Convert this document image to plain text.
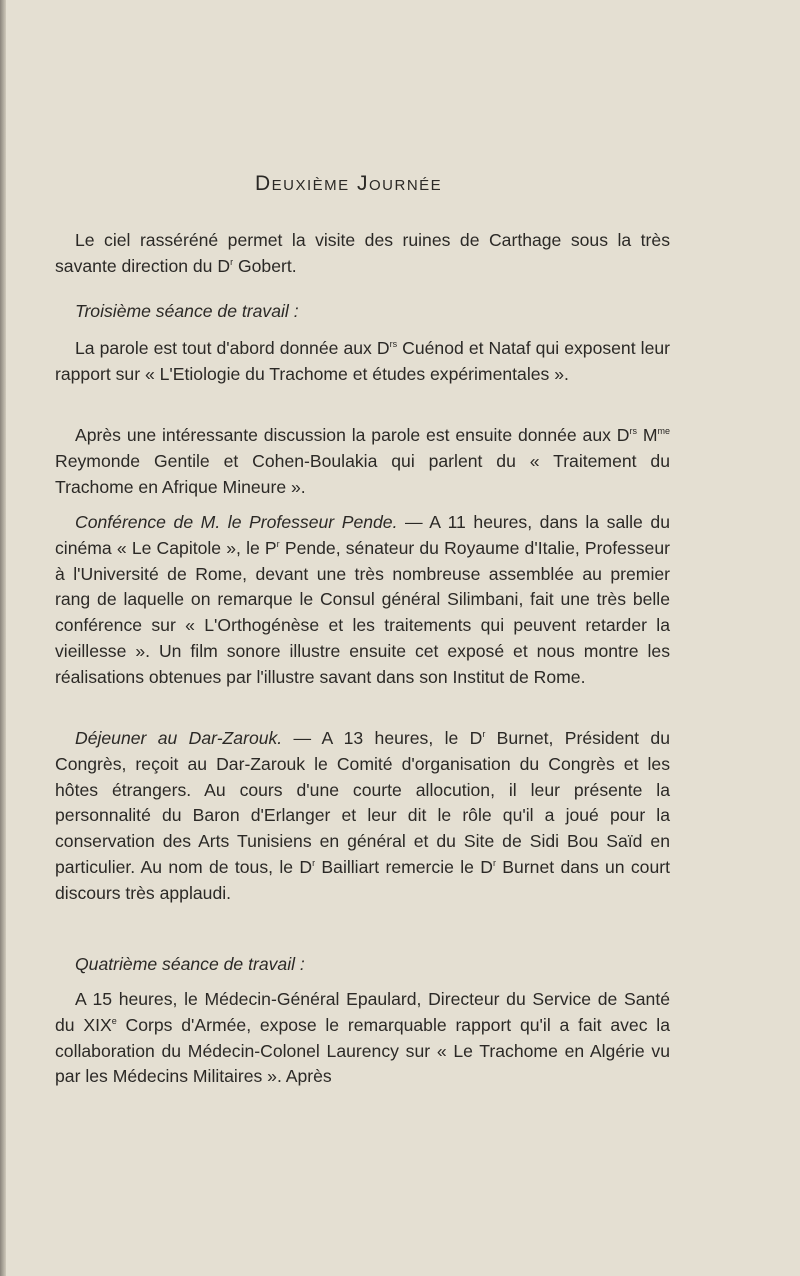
Deuxième Journée

Le ciel rasséréné permet la visite des ruines de Carthage sous la très savante direction du $D^r$ Gobert.

Troisième séance de travail :

La parole est tout d'abord donnée aux $D^{rs}$ Cuénod et Nataf qui exposent leur rapport sur « L'Etiologie du Trachome et études expérimentales ».

Après une intéressante discussion la parole est ensuite donnée aux $D^{rs}$ $M^{me}$ Reymonde Gentile et Cohen-Boulakia qui parlent du « Traitement du Trachome en Afrique Mineure ».

Conférence de M. le Professeur Pende. — A 11 heures, dans la salle du cinéma « Le Capitole », le $P^r$ Pende, sénateur du Royaume d'Italie, Professeur à l'Université de Rome, devant une très nombreuse assemblée au premier rang de laquelle on remarque le Consul général Silimbani, fait une très belle conférence sur « L'Orthogénèse et les traitements qui peuvent retarder la vieillesse ». Un film sonore illustre ensuite cet exposé et nous montre les réalisations obtenues par l'illustre savant dans son Institut de Rome.

Déjeuner au Dar-Zarouk. — A 13 heures, le $D^r$ Burnet, Président du Congrès, reçoit au Dar-Zarouk le Comité d'organisation du Congrès et les hôtes étrangers. Au cours d'une courte allocution, il leur présente la personnalité du Baron d'Erlanger et leur dit le rôle qu'il a joué pour la conservation des Arts Tunisiens en général et du Site de Sidi Bou Saïd en particulier. Au nom de tous, le $D^r$ Bailliart remercie le $D^r$ Burnet dans un court discours très applaudi.

Quatrième séance de travail :

A 15 heures, le Médecin-Général Epaulard, Directeur du Service de Santé du XIXe Corps d'Armée, expose le remarquable rapport qu'il a fait avec la collaboration du Médecin-Colonel Laurency sur « Le Trachome en Algérie vu par les Médecins Militaires ». Après
